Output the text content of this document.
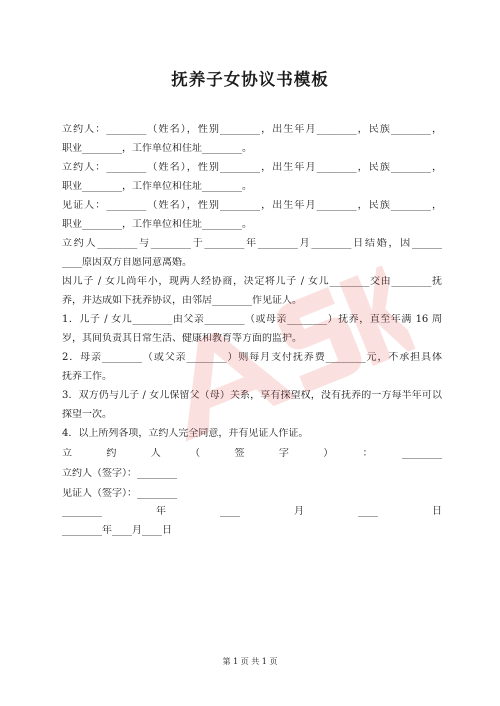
抚养子女协议书模板
立约人：________（姓名），性别________，出生年月________，民族________，
职业________，工作单位和住址________。
立约人：________（姓名），性别________，出生年月________，民族________，
职业________，工作单位和住址________。
见证人：________（姓名），性别________，出生年月________，民族________，
职业________，工作单位和住址________。
立约人________与________于________年________月________日结婚，因______
____原因双方自愿同意离婚。
因儿子 / 女儿尚年小，现两人经协商，决定将儿子 / 女儿________交由________抚
养，并达成如下抚养协议，由邻居________作见证人。
1．儿子 / 女儿________由父亲________（或母亲________）抚养，直至年满 16 周
岁，其间负责其日常生活、健康和教育等方面的监护。
2．母亲________（或父亲________）则每月支付抚养费________元，不承担具体
抚养工作。
3．双方仍与儿子 / 女儿保留父（母）关系，享有探望权，没有抚养的一方每半年可以
探望一次。
4．以上所列各项，立约人完全同意，并有见证人作证。
立　约　人　（　签　字　）　：　________
立约人（签字）：________
见证人（签字）：________
________　年　____　月　____　日
________年____月____日
第 1 页 共 1 页
